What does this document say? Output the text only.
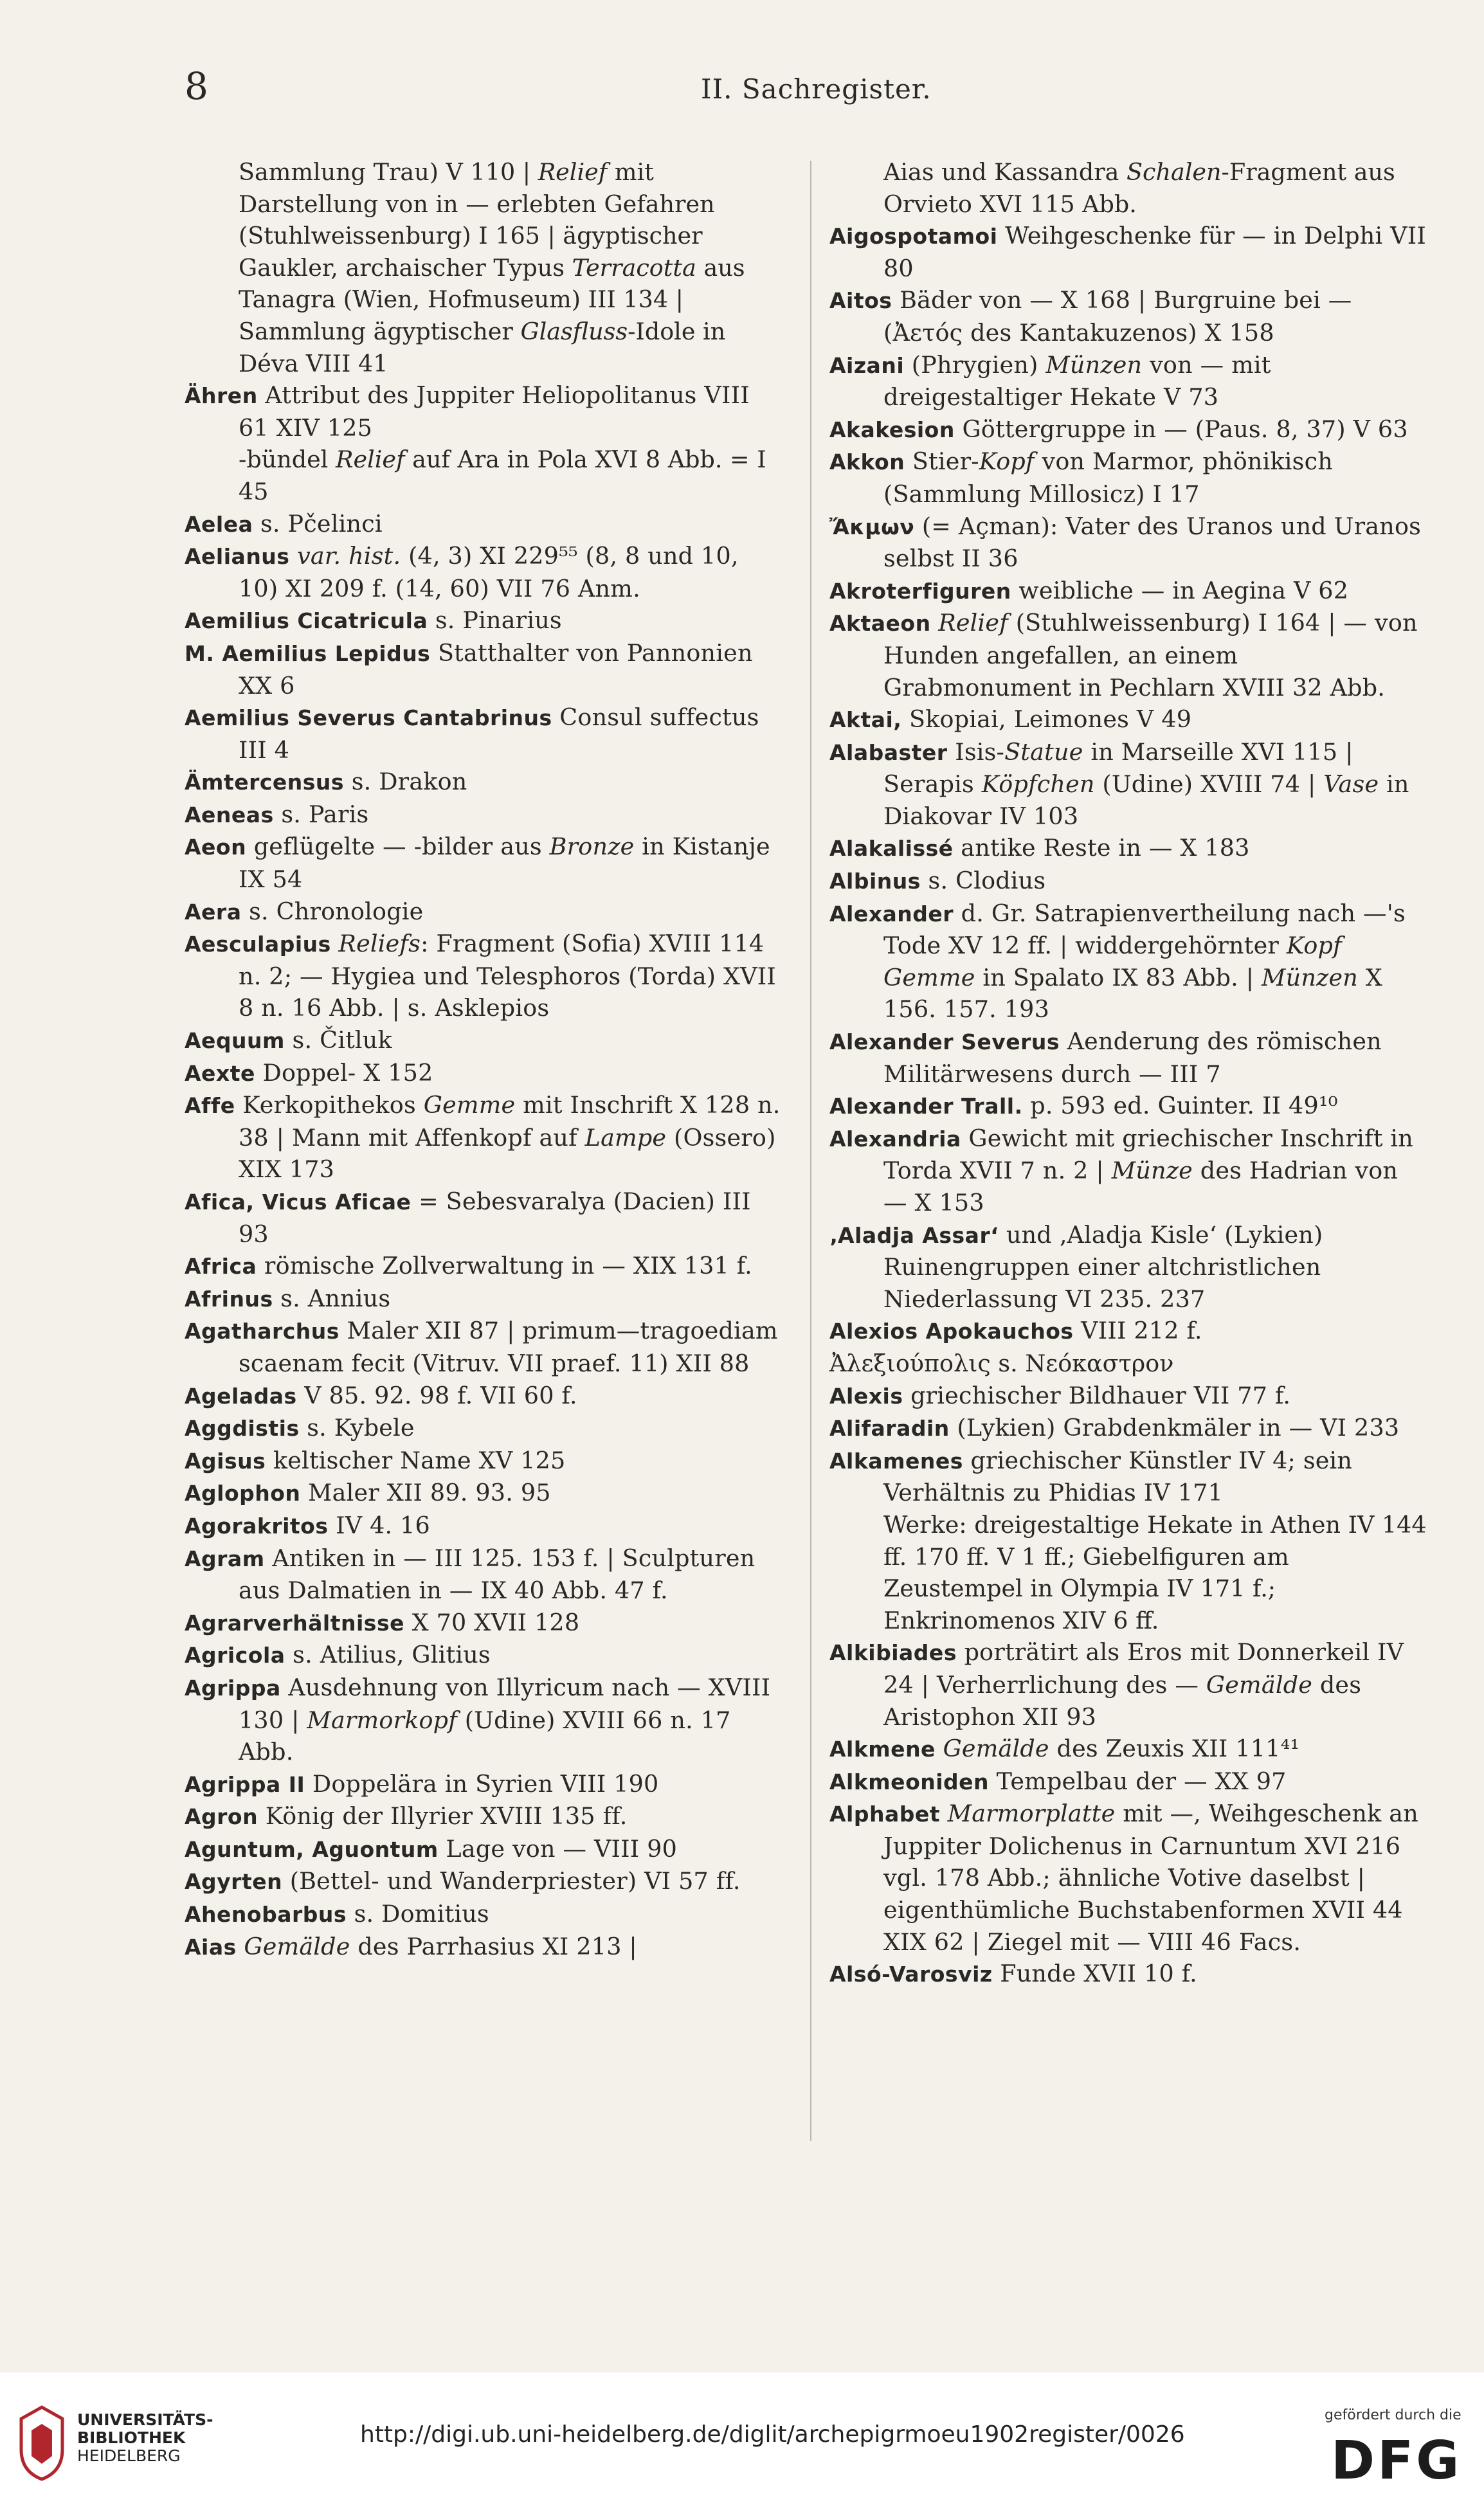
8	II. Sachregister.
Sammlung Trau) V 110 | Relief mit Darstellung von in — erlebten Gefahren (Stuhlweissenburg) I 165 | ägyptischer Gaukler, archaischer Typus Terracotta aus Tanagra (Wien, Hofmuseum) III 134 | Sammlung ägyptischer Glasfluss-Idole in Déva VIII 41
Ähren Attribut des Juppiter Heliopolitanus VIII 61 XIV 125
-bündel Relief auf Ara in Pola XVI 8 Abb. = I 45
Aelea s. Pčelinci
Aelianus var. hist. (4, 3) XI 229⁵⁵ (8, 8 und 10, 10) XI 209 f. (14, 60) VII 76 Anm.
Aemilius Cicatricula s. Pinarius
M. Aemilius Lepidus Statthalter von Pannonien XX 6
Aemilius Severus Cantabrinus Consul suffectus III 4
Ämtercensus s. Drakon
Aeneas s. Paris
Aeon geflügelte — -bilder aus Bronze in Kistanje IX 54
Aera s. Chronologie
Aesculapius Reliefs: Fragment (Sofia) XVIII 114 n. 2; — Hygiea und Telesphoros (Torda) XVII 8 n. 16 Abb. | s. Asklepios
Aequum s. Čitluk
Aexte Doppel- X 152
Affe Kerkopithekos Gemme mit Inschrift X 128 n. 38 | Mann mit Affenkopf auf Lampe (Ossero) XIX 173
Afica, Vicus Aficae = Sebesvaralya (Dacien) III 93
Africa römische Zollverwaltung in — XIX 131 f.
Afrinus s. Annius
Agatharchus Maler XII 87 | primum—tragoediam scaenam fecit (Vitruv. VII praef. 11) XII 88
Ageladas V 85. 92. 98 f. VII 60 f.
Aggdistis s. Kybele
Agisus keltischer Name XV 125
Aglophon Maler XII 89. 93. 95
Agorakritos IV 4. 16
Agram Antiken in — III 125. 153 f. | Sculpturen aus Dalmatien in — IX 40 Abb. 47 f.
Agrarverhältnisse X 70 XVII 128
Agricola s. Atilius, Glitius
Agrippa Ausdehnung von Illyricum nach — XVIII 130 | Marmorkopf (Udine) XVIII 66 n. 17 Abb.
Agrippa II Doppelära in Syrien VIII 190
Agron König der Illyrier XVIII 135 ff.
Aguntum, Aguontum Lage von — VIII 90
Agyrten (Bettel- und Wanderpriester) VI 57 ff.
Ahenobarbus s. Domitius
Aias Gemälde des Parrhasius XI 213 |
Aias und Kassandra Schalen-Fragment aus Orvieto XVI 115 Abb.
Aigospotamoi Weihgeschenke für — in Delphi VII 80
Aitos Bäder von — X 168 | Burgruine bei — (Ἀετός des Kantakuzenos) X 158
Aizani (Phrygien) Münzen von — mit dreigestaltiger Hekate V 73
Akakesion Göttergruppe in — (Paus. 8, 37) V 63
Akkon Stier-Kopf von Marmor, phönikisch (Sammlung Millosicz) I 17
Ἄκμων (= Açman): Vater des Uranos und Uranos selbst II 36
Akroterfiguren weibliche — in Aegina V 62
Aktaeon Relief (Stuhlweissenburg) I 164 | — von Hunden angefallen, an einem Grabmonument in Pechlarn XVIII 32 Abb.
Aktai, Skopiai, Leimones V 49
Alabaster Isis-Statue in Marseille XVI 115 | Serapis Köpfchen (Udine) XVIII 74 | Vase in Diakovar IV 103
Alakalissé antike Reste in — X 183
Albinus s. Clodius
Alexander d. Gr. Satrapienvertheilung nach —'s Tode XV 12 ff. | widdergehörnter Kopf Gemme in Spalato IX 83 Abb. | Münzen X 156. 157. 193
Alexander Severus Aenderung des römischen Militärwesens durch — III 7
Alexander Trall. p. 593 ed. Guinter. II 49¹⁰
Alexandria Gewicht mit griechischer Inschrift in Torda XVII 7 n. 2 | Münze des Hadrian von — X 153
‚Aladja Assar‘ und ‚Aladja Kisle‘ (Lykien) Ruinengruppen einer altchristlichen Niederlassung VI 235. 237
Alexios Apokauchos VIII 212 f.
Ἀλεξιούπολις s. Νεόκαστρον
Alexis griechischer Bildhauer VII 77 f.
Alifaradin (Lykien) Grabdenkmäler in — VI 233
Alkamenes griechischer Künstler IV 4; sein Verhältnis zu Phidias IV 171
Werke: dreigestaltige Hekate in Athen IV 144 ff. 170 ff. V 1 ff.; Giebelfiguren am Zeustempel in Olympia IV 171 f.; Enkrinomenos XIV 6 ff.
Alkibiades porträtirt als Eros mit Donnerkeil IV 24 | Verherrlichung des — Gemälde des Aristophon XII 93
Alkmene Gemälde des Zeuxis XII 111⁴¹
Alkmeoniden Tempelbau der — XX 97
Alphabet Marmorplatte mit —, Weihgeschenk an Juppiter Dolichenus in Carnuntum XVI 216 vgl. 178 Abb.; ähnliche Votive daselbst | eigenthümliche Buchstabenformen XVII 44 XIX 62 | Ziegel mit — VIII 46 Facs.
Alsó-Varosviz Funde XVII 10 f.
UNIVERSITÄTS-
BIBLIOTHEK
HEIDELBERG
http://digi.ub.uni-heidelberg.de/diglit/archepigrmoeu1902register/0026
gefördert durch die
DFG
